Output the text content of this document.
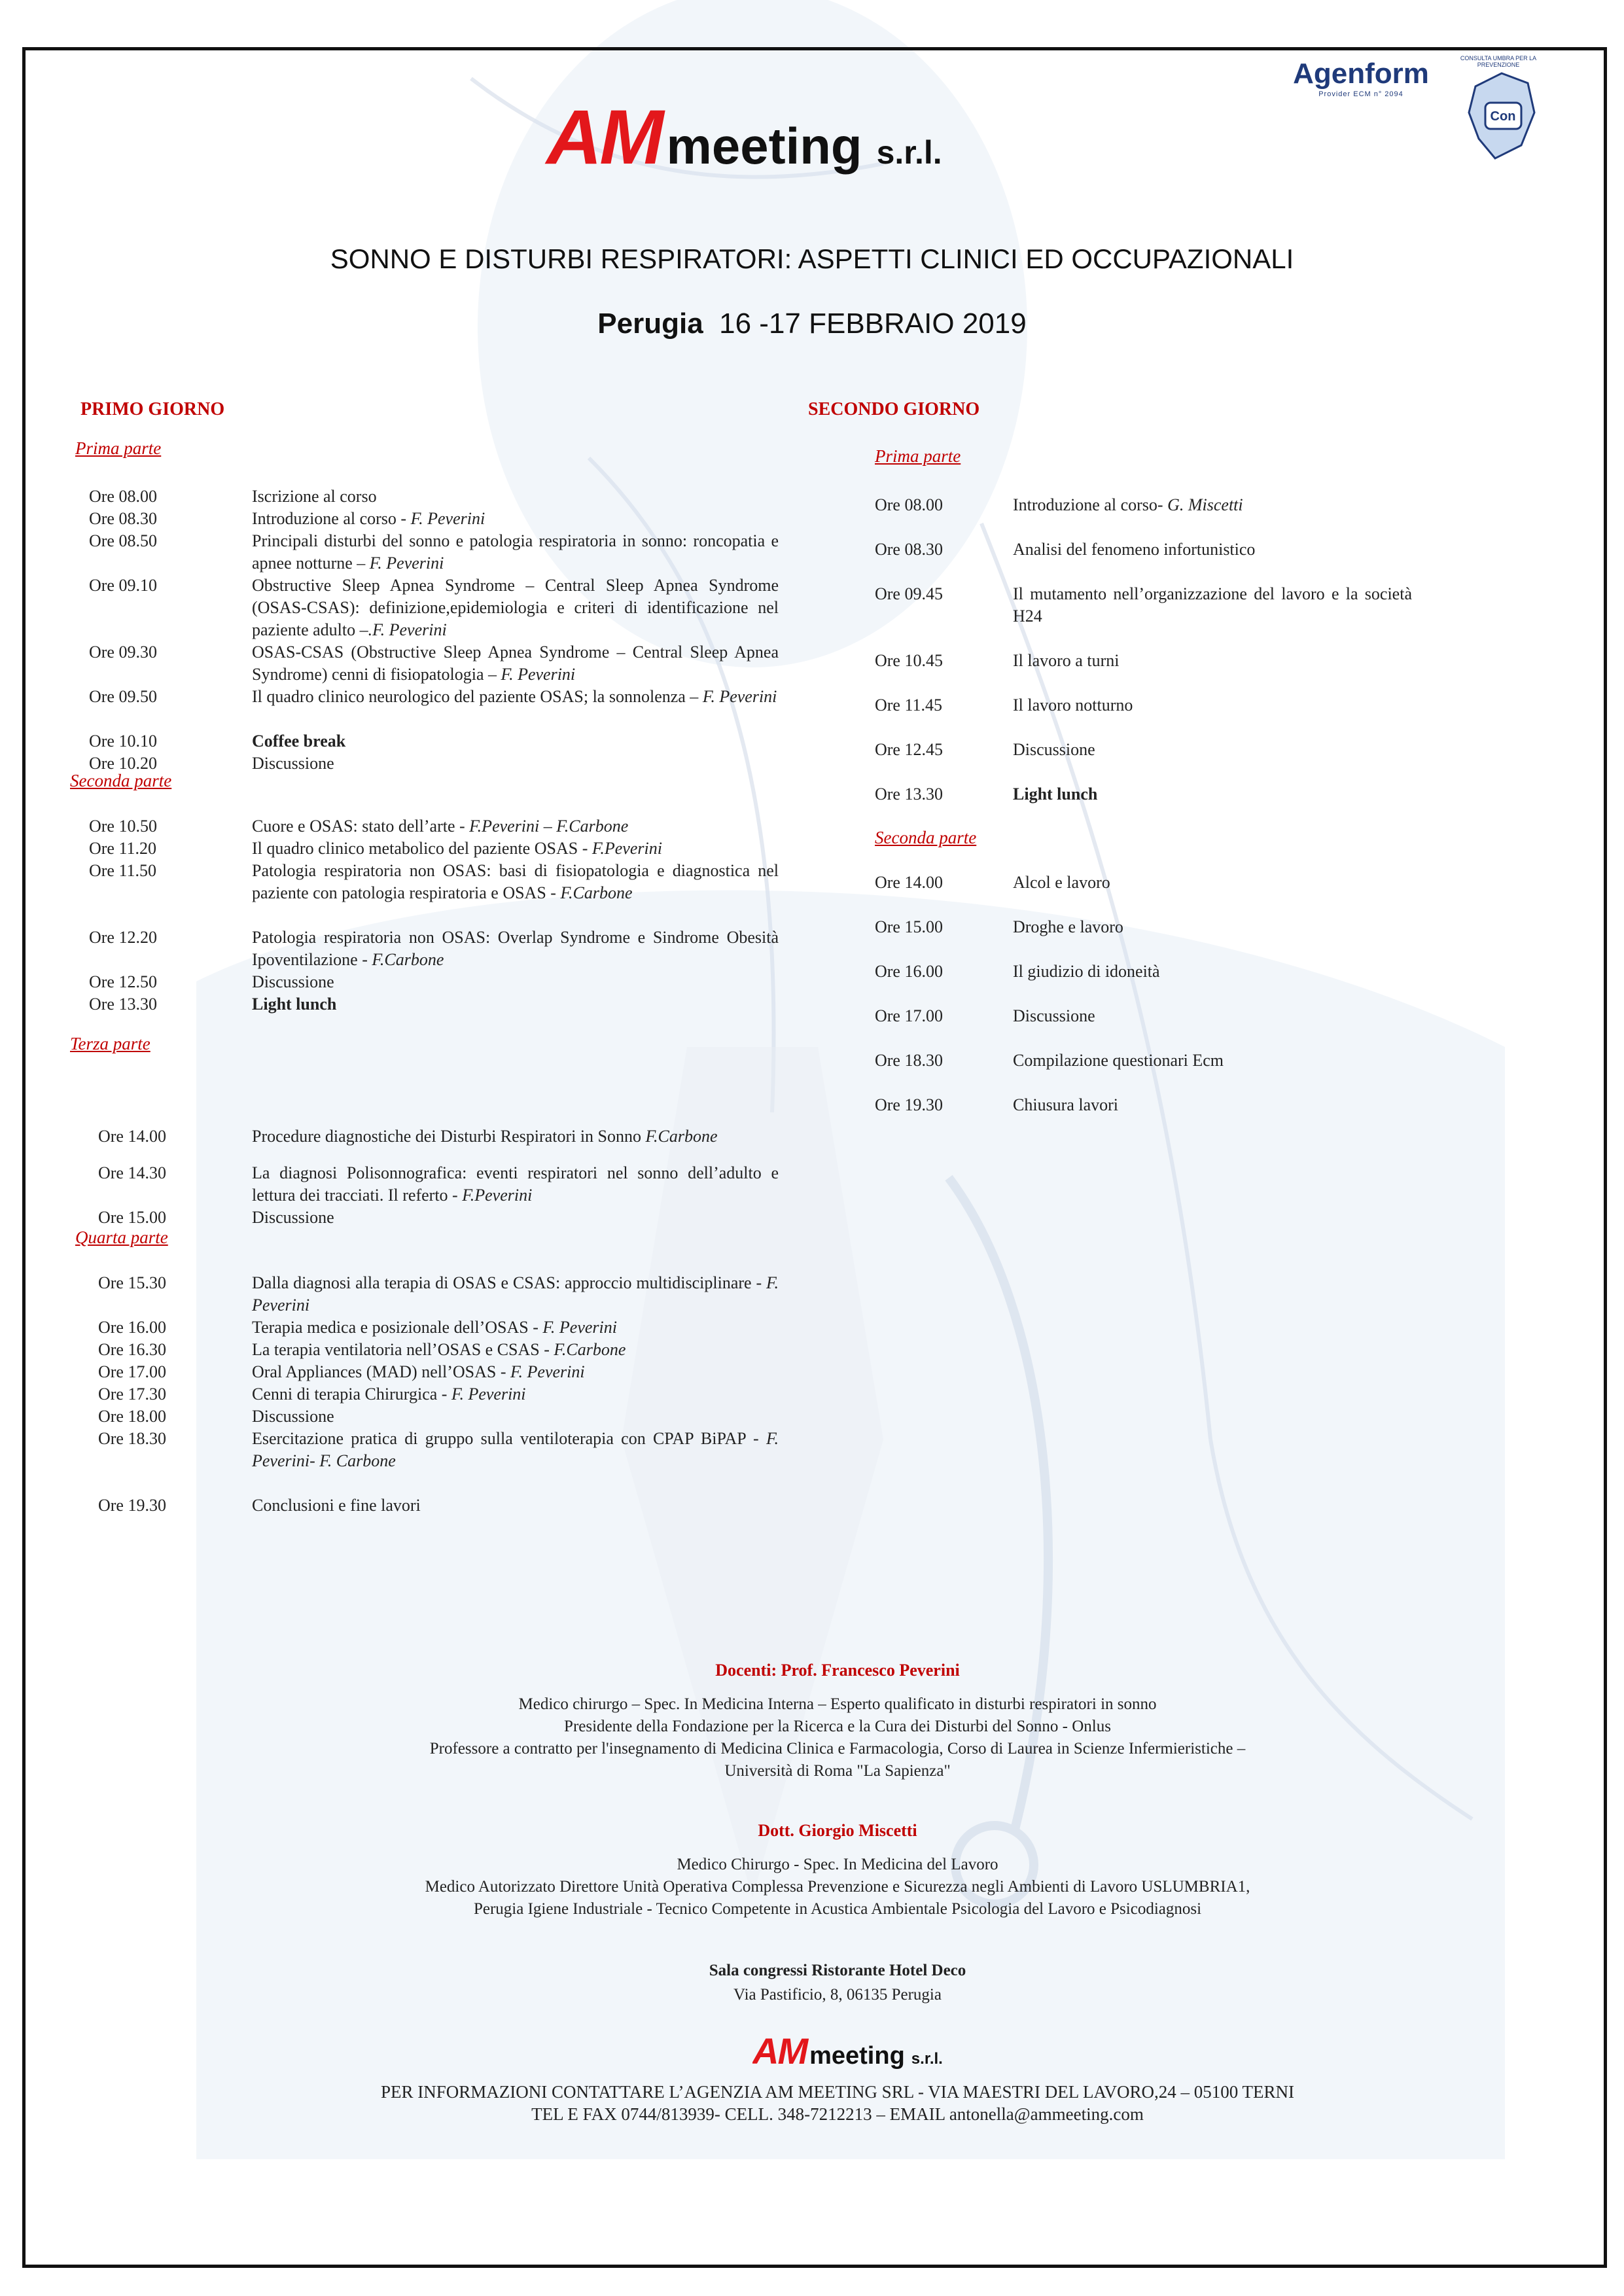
AM meeting s.r.l.
Agenform
Provider ECM n° 2094
Con
CONSULTA UMBRA PER LA PREVENZIONE
SONNO E DISTURBI RESPIRATORI: ASPETTI CLINICI ED OCCUPAZIONALI
Perugia 16 -17 FEBBRAIO 2019
PRIMO GIORNO
Prima parte
Ore 08.00	Iscrizione al corso
Ore 08.30	Introduzione al corso - F. Peverini
Ore 08.50	Principali disturbi del sonno e patologia respiratoria in sonno: roncopatia e apnee notturne – F. Peverini
Ore 09.10	Obstructive Sleep Apnea Syndrome – Central Sleep Apnea Syndrome (OSAS-CSAS): definizione,epidemiologia e criteri di identificazione nel paziente adulto –.F. Peverini
Ore 09.30	OSAS-CSAS (Obstructive Sleep Apnea Syndrome – Central Sleep Apnea Syndrome) cenni di fisiopatologia – F. Peverini
Ore 09.50	Il quadro clinico neurologico del paziente OSAS; la sonnolenza – F. Peverini
Ore 10.10	Coffee break
Ore 10.20	Discussione
Seconda parte
Ore 10.50	Cuore e OSAS: stato dell’arte - F.Peverini – F.Carbone
Ore 11.20	Il quadro clinico metabolico del paziente OSAS - F.Peverini
Ore 11.50	Patologia respiratoria non OSAS: basi di fisiopatologia e diagnostica nel paziente con patologia respiratoria e OSAS - F.Carbone
Ore 12.20	Patologia respiratoria non OSAS: Overlap Syndrome e Sindrome Obesità Ipoventilazione - F.Carbone
Ore 12.50	Discussione
Ore 13.30	Light lunch
Terza parte
Ore 14.00	Procedure diagnostiche dei Disturbi Respiratori in Sonno F.Carbone
Ore 14.30	La diagnosi Polisonnografica: eventi respiratori nel sonno dell’adulto e lettura dei tracciati. Il referto - F.Peverini
Ore 15.00	Discussione
Quarta parte
Ore 15.30	Dalla diagnosi alla terapia di OSAS e CSAS: approccio multidisciplinare - F. Peverini
Ore 16.00	Terapia medica e posizionale dell’OSAS - F. Peverini
Ore 16.30	La terapia ventilatoria nell’OSAS e CSAS - F.Carbone
Ore 17.00	Oral Appliances (MAD) nell’OSAS - F. Peverini
Ore 17.30	Cenni di terapia Chirurgica - F. Peverini
Ore 18.00	Discussione
Ore 18.30	Esercitazione pratica di gruppo sulla ventiloterapia con CPAP BiPAP - F. Peverini- F. Carbone
Ore 19.30	Conclusioni e fine lavori
SECONDO GIORNO
Prima parte
Ore 08.00	Introduzione al corso- G. Miscetti
Ore 08.30	Analisi del fenomeno infortunistico
Ore 09.45	Il mutamento nell’organizzazione del lavoro e la società H24
Ore 10.45	Il lavoro a turni
Ore 11.45	Il lavoro notturno
Ore 12.45	Discussione
Ore 13.30	Light lunch
Seconda parte
Ore 14.00	Alcol e lavoro
Ore 15.00	Droghe e lavoro
Ore 16.00	Il giudizio di idoneità
Ore 17.00	Discussione
Ore 18.30	Compilazione questionari Ecm
Ore 19.30	Chiusura lavori
Docenti: Prof. Francesco Peverini
Medico chirurgo – Spec. In Medicina Interna – Esperto qualificato in disturbi respiratori in sonno
Presidente della Fondazione per la Ricerca e la Cura dei Disturbi del Sonno - Onlus
Professore a contratto per l'insegnamento di Medicina Clinica e Farmacologia, Corso di Laurea in Scienze Infermieristiche –
Università di Roma "La Sapienza"
Dott. Giorgio Miscetti
Medico Chirurgo - Spec. In Medicina del Lavoro
Medico Autorizzato Direttore Unità Operativa Complessa Prevenzione e Sicurezza negli Ambienti di Lavoro USLUMBRIA1,
Perugia Igiene Industriale - Tecnico Competente in Acustica Ambientale Psicologia del Lavoro e Psicodiagnosi
Sala congressi Ristorante Hotel Deco
Via Pastificio, 8, 06135 Perugia
AM meeting s.r.l.
PER INFORMAZIONI CONTATTARE L’AGENZIA AM MEETING SRL - VIA MAESTRI DEL LAVORO,24 – 05100 TERNI
TEL E FAX 0744/813939- CELL. 348-7212213 – EMAIL antonella@ammeeting.com
